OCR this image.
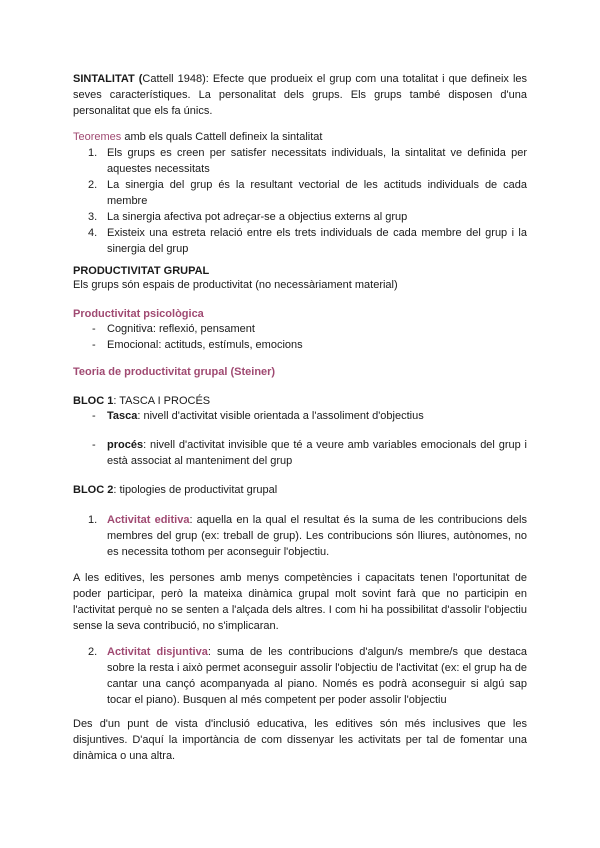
SINTALITAT (Cattell 1948): Efecte que produeix el grup com una totalitat i que defineix les seves característiques. La personalitat dels grups. Els grups també disposen d'una personalitat que els fa únics.

Teoremes amb els quals Cattell defineix la sintalitat

1. Els grups es creen per satisfer necessitats individuals, la sintalitat ve definida per aquestes necessitats
2. La sinergia del grup és la resultant vectorial de les actituds individuals de cada membre
3. La sinergia afectiva pot adreçar-se a objectius externs al grup
4. Existeix una estreta relació entre els trets individuals de cada membre del grup i la sinergia del grup

PRODUCTIVITAT GRUPAL

Els grups són espais de productivitat (no necessàriament material)

Productivitat psicològica

- Cognitiva: reflexió, pensament
- Emocional: actituds, estímuls, emocions

Teoria de productivitat grupal (Steiner)

BLOC 1: TASCA I PROCÉS

- Tasca: nivell d'activitat visible orientada a l'assoliment d'objectius
- procés: nivell d'activitat invisible que té a veure amb variables emocionals del grup i està associat al manteniment del grup

BLOC 2: tipologies de productivitat grupal

1. Activitat editiva: aquella en la qual el resultat és la suma de les contribucions dels membres del grup (ex: treball de grup). Les contribucions són lliures, autònomes, no es necessita tothom per aconseguir l'objectiu.

A les editives, les persones amb menys competències i capacitats tenen l'oportunitat de poder participar, però la mateixa dinàmica grupal molt sovint farà que no participin en l'activitat perquè no se senten a l'alçada dels altres. I com hi ha possibilitat d'assolir l'objectiu sense la seva contribució, no s'implicaran.

2. Activitat disjuntiva: suma de les contribucions d'algun/s membre/s que destaca sobre la resta i això permet aconseguir assolir l'objectiu de l'activitat (ex: el grup ha de cantar una cançó acompanyada al piano. Només es podrà aconseguir si algú sap tocar el piano). Busquen al més competent per poder assolir l'objectiu

Des d'un punt de vista d'inclusió educativa, les editives són més inclusives que les disjuntives. D'aquí la importància de com dissenyar les activitats per tal de fomentar una dinàmica o una altra.
